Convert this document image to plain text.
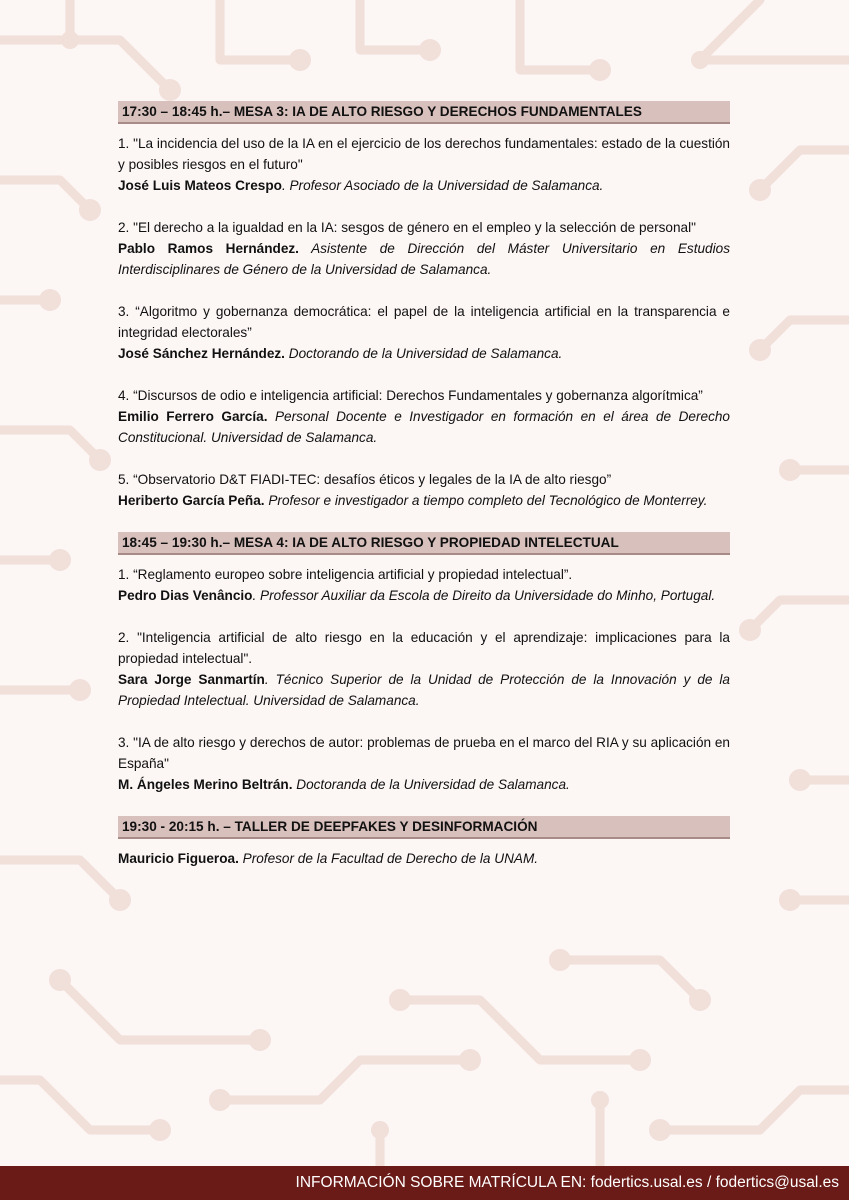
17:30 – 18:45 h.– MESA 3: IA DE ALTO RIESGO Y DERECHOS FUNDAMENTALES

1. "La incidencia del uso de la IA en el ejercicio de los derechos fundamentales: estado de la cuestión y posibles riesgos en el futuro"

José Luis Mateos Crespo. Profesor Asociado de la Universidad de Salamanca.

2. "El derecho a la igualdad en la IA: sesgos de género en el empleo y la selección de personal"

Pablo Ramos Hernández. Asistente de Dirección del Máster Universitario en Estudios Interdisciplinares de Género de la Universidad de Salamanca.

3. “Algoritmo y gobernanza democrática: el papel de la inteligencia artificial en la transparencia e integridad electorales”

José Sánchez Hernández. Doctorando de la Universidad de Salamanca.

4. “Discursos de odio e inteligencia artificial: Derechos Fundamentales y gobernanza algorítmica”

Emilio Ferrero García. Personal Docente e Investigador en formación en el área de Derecho Constitucional. Universidad de Salamanca.

5. “Observatorio D&T FIADI-TEC: desafíos éticos y legales de la IA de alto riesgo”

Heriberto García Peña. Profesor e investigador a tiempo completo del Tecnológico de Monterrey.

18:45 – 19:30 h.– MESA 4: IA DE ALTO RIESGO Y PROPIEDAD INTELECTUAL

1. “Reglamento europeo sobre inteligencia artificial y propiedad intelectual”.

Pedro Dias Venâncio. Professor Auxiliar da Escola de Direito da Universidade do Minho, Portugal.

2. "Inteligencia artificial de alto riesgo en la educación y el aprendizaje: implicaciones para la propiedad intelectual".

Sara Jorge Sanmartín. Técnico Superior de la Unidad de Protección de la Innovación y de la Propiedad Intelectual. Universidad de Salamanca.

3. "IA de alto riesgo y derechos de autor: problemas de prueba en el marco del RIA y su aplicación en España"

M. Ángeles Merino Beltrán. Doctoranda de la Universidad de Salamanca.

19:30 - 20:15 h. – TALLER DE DEEPFAKES Y DESINFORMACIÓN

Mauricio Figueroa. Profesor de la Facultad de Derecho de la UNAM.

INFORMACIÓN SOBRE MATRÍCULA EN: fodertics.usal.es / fodertics@usal.es
